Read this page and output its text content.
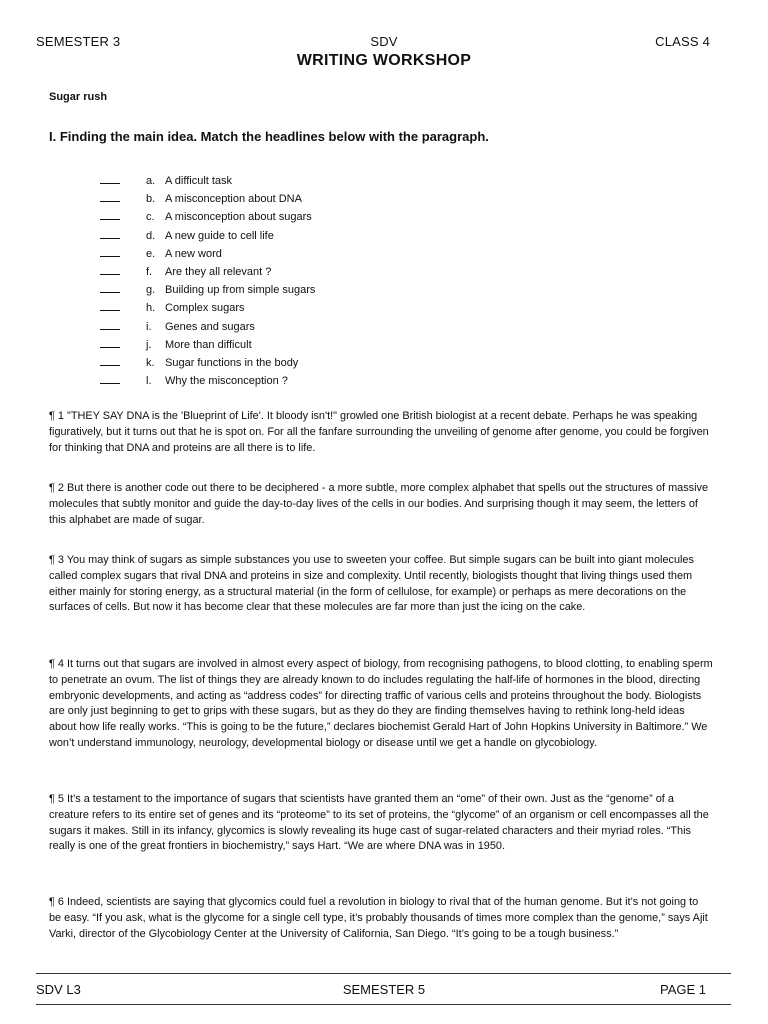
SEMESTER 3	SDV	CLASS 4
WRITING WORKSHOP
Sugar rush
I. Finding the main idea. Match the headlines below with the paragraph.
a. A difficult task
b. A misconception about DNA
c. A misconception about sugars
d. A new guide to cell life
e. A new word
f. Are they all relevant ?
g. Building up from simple sugars
h. Complex sugars
i. Genes and sugars
j. More than difficult
k. Sugar functions in the body
l. Why the misconception ?

¶ 1 "THEY SAY DNA is the 'Blueprint of Life'. It bloody isn't!" growled one British biologist at a recent debate. Perhaps he was speaking figuratively, but it turns out that he is spot on. For all the fanfare surrounding the unveiling of genome after genome, you could be forgiven for thinking that DNA and proteins are all there is to life.

¶ 2 But there is another code out there to be deciphered - a more subtle, more complex alphabet that spells out the structures of massive molecules that subtly monitor and guide the day-to-day lives of the cells in our bodies. And surprising though it may seem, the letters of this alphabet are made of sugar.

¶ 3 You may think of sugars as simple substances you use to sweeten your coffee. But simple sugars can be built into giant molecules called complex sugars that rival DNA and proteins in size and complexity. Until recently, biologists thought that living things used them either mainly for storing energy, as a structural material (in the form of cellulose, for example) or perhaps as mere decorations on the surfaces of cells. But now it has become clear that these molecules are far more than just the icing on the cake.

¶ 4 It turns out that sugars are involved in almost every aspect of biology, from recognising pathogens, to blood clotting, to enabling sperm to penetrate an ovum. The list of things they are already known to do includes regulating the half-life of hormones in the blood, directing embryonic developments, and acting as “address codes” for directing traffic of various cells and proteins throughout the body. Biologists are only just beginning to get to grips with these sugars, but as they do they are finding themselves having to rethink long-held ideas about how life really works. “This is going to be the future,” declares biochemist Gerald Hart of John Hopkins University in Baltimore.” We won’t understand immunology, neurology, developmental biology or disease until we get a handle on glycobiology.

¶ 5 It’s a testament to the importance of sugars that scientists have granted them an “ome” of their own. Just as the “genome” of a creature refers to its entire set of genes and its “proteome” to its set of proteins, the “glycome” of an organism or cell encompasses all the sugars it makes. Still in its infancy, glycomics is slowly revealing its huge cast of sugar-related characters and their myriad roles. “This really is one of the great frontiers in biochemistry,” says Hart. “We are where DNA was in 1950.

¶ 6 Indeed, scientists are saying that glycomics could fuel a revolution in biology to rival that of the human genome. But it’s not going to be easy. “If you ask, what is the glycome for a single cell type, it’s probably thousands of times more complex than the genome,” says Ajit Varki, director of the Glycobiology Center at the University of California, San Diego. “It’s going to be a tough business.”

SDV L3	SEMESTER 5	PAGE 1
